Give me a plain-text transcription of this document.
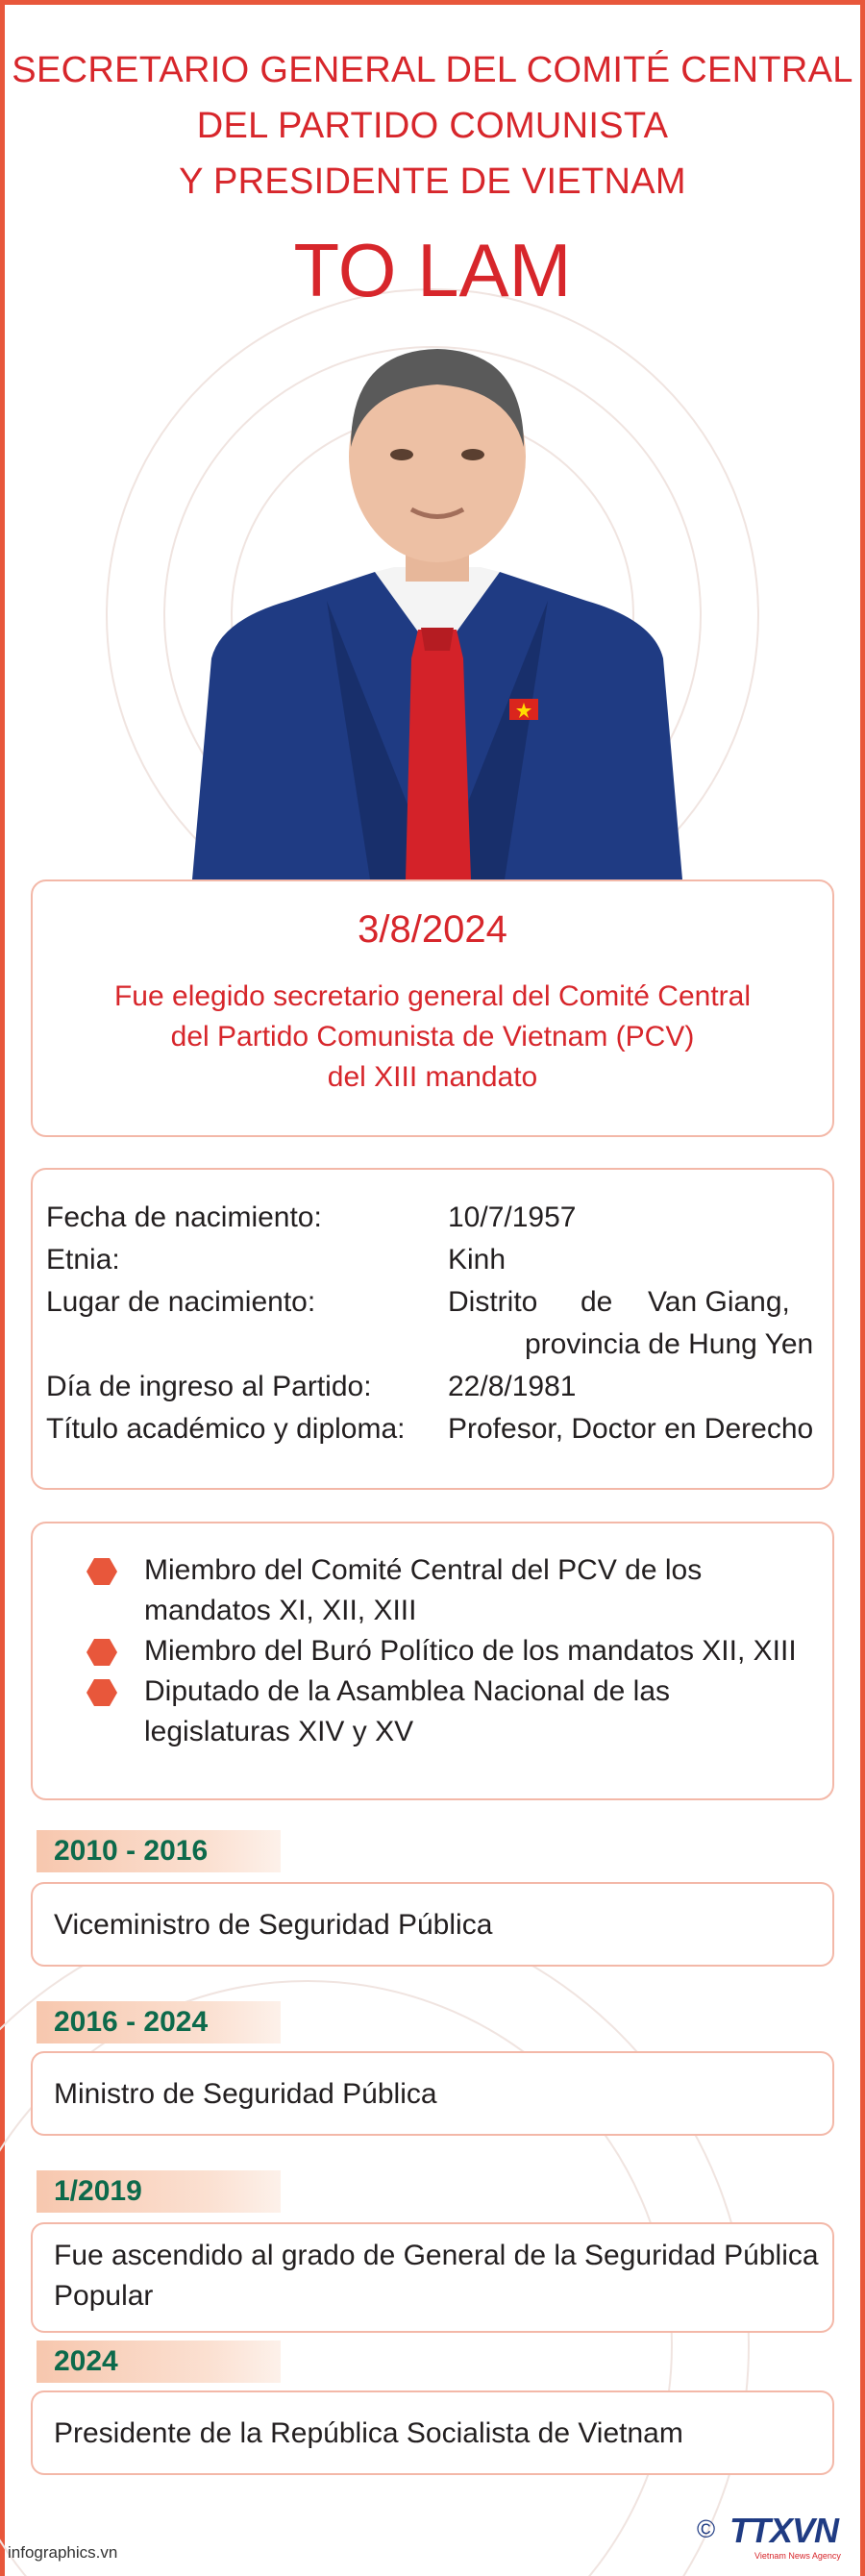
SECRETARIO GENERAL DEL COMITÉ CENTRAL
DEL PARTIDO COMUNISTA
Y PRESIDENTE DE VIETNAM
TO LAM
3/8/2024
Fue elegido secretario general del Comité Central
del Partido Comunista de Vietnam (PCV)
del XIII mandato
Fecha de nacimiento:	10/7/1957
Etnia:	Kinh
Lugar de nacimiento:	Distrito de Van Giang,
provincia de Hung Yen
Día de ingreso al Partido:	22/8/1981
Título académico y diploma: Profesor, Doctor en Derecho
Miembro del Comité Central del PCV de los
mandatos XI, XII, XIII
Miembro del Buró Político de los mandatos XII, XIII
Diputado de la Asamblea Nacional de las
legislaturas XIV y XV
2010 - 2016
Viceministro de Seguridad Pública
2016 - 2024
Ministro de Seguridad Pública
1/2019
Fue ascendido al grado de General de la Seguridad Pública
Popular
2024
Presidente de la República Socialista de Vietnam
infographics.vn
© TTXVN
Vietnam News Agency
